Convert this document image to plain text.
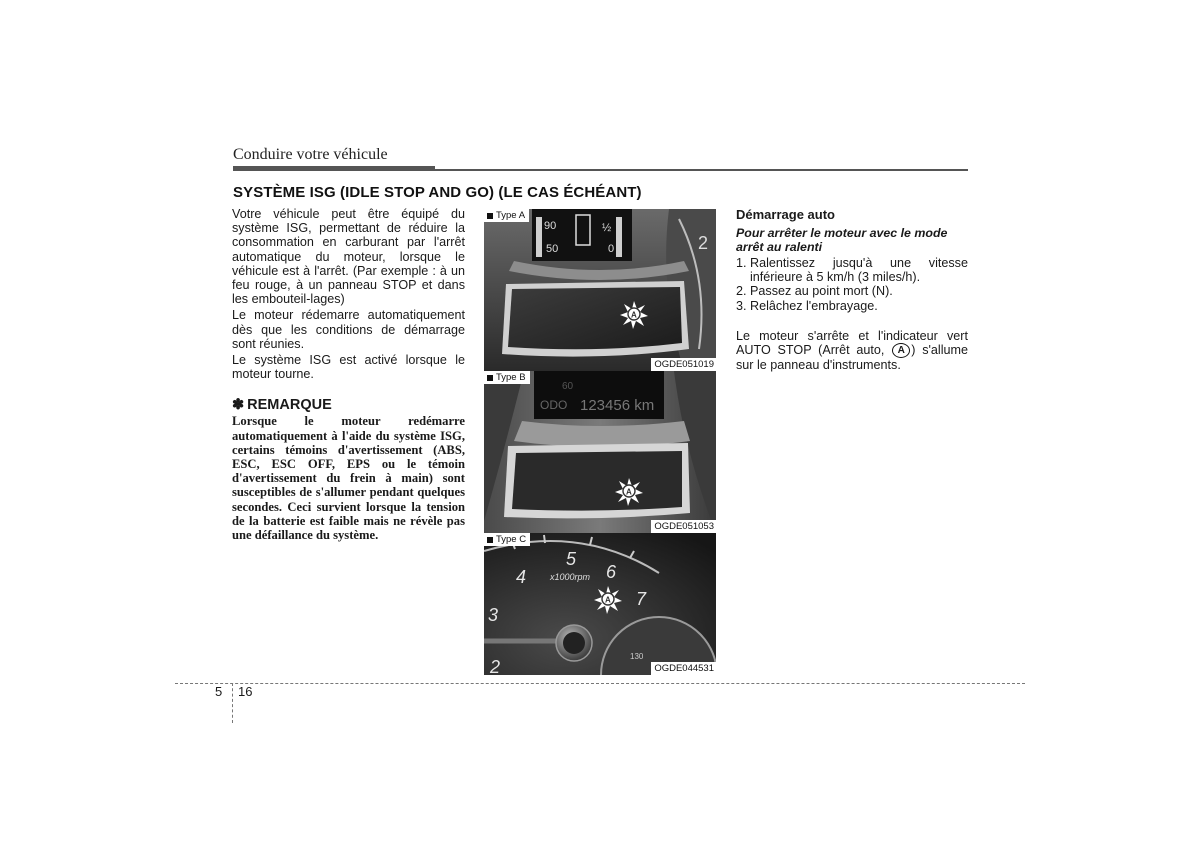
Conduire votre véhicule
SYSTÈME ISG (IDLE STOP AND GO) (LE CAS ÉCHÉANT)

Votre véhicule peut être équipé du système ISG, permettant de réduire la consommation en carburant par l'arrêt automatique du moteur, lorsque le véhicule est à l'arrêt. (Par exemple : à un feu rouge, à un panneau STOP et dans les embouteil-lages)

Le moteur rédemarre automatiquement dès que les conditions de démarrage sont réunies.

Le système ISG est activé lorsque le moteur tourne.

✽ REMARQUE

Lorsque le moteur redémarre automatiquement à l'aide du système ISG, certains témoins d'avertissement (ABS, ESC, ESC OFF, EPS ou le témoin d'avertissement du frein à main) sont susceptibles de s'allumer pendant quelques secondes. Ceci survient lorsque la tension de la batterie est faible mais ne révèle pas une défaillance du système.

2
90
50	0
½
A
Type A
OGDE051019
60
ODO 123456 km
A
Type B
OGDE051053
2
3
4
5
6
7
x1000rpm
A
130
Type C
OGDE044531
Démarrage auto
Pour arrêter le moteur avec le mode arrêt au ralenti
1. Ralentissez jusqu'à une vitesse inférieure à 5 km/h (3 miles/h).
2. Passez au point mort (N).
3. Relâchez l'embrayage.

Le moteur s'arrête et l'indicateur vert AUTO STOP (Arrêt auto, A ) s'allume sur le panneau d'instruments.

5 16
